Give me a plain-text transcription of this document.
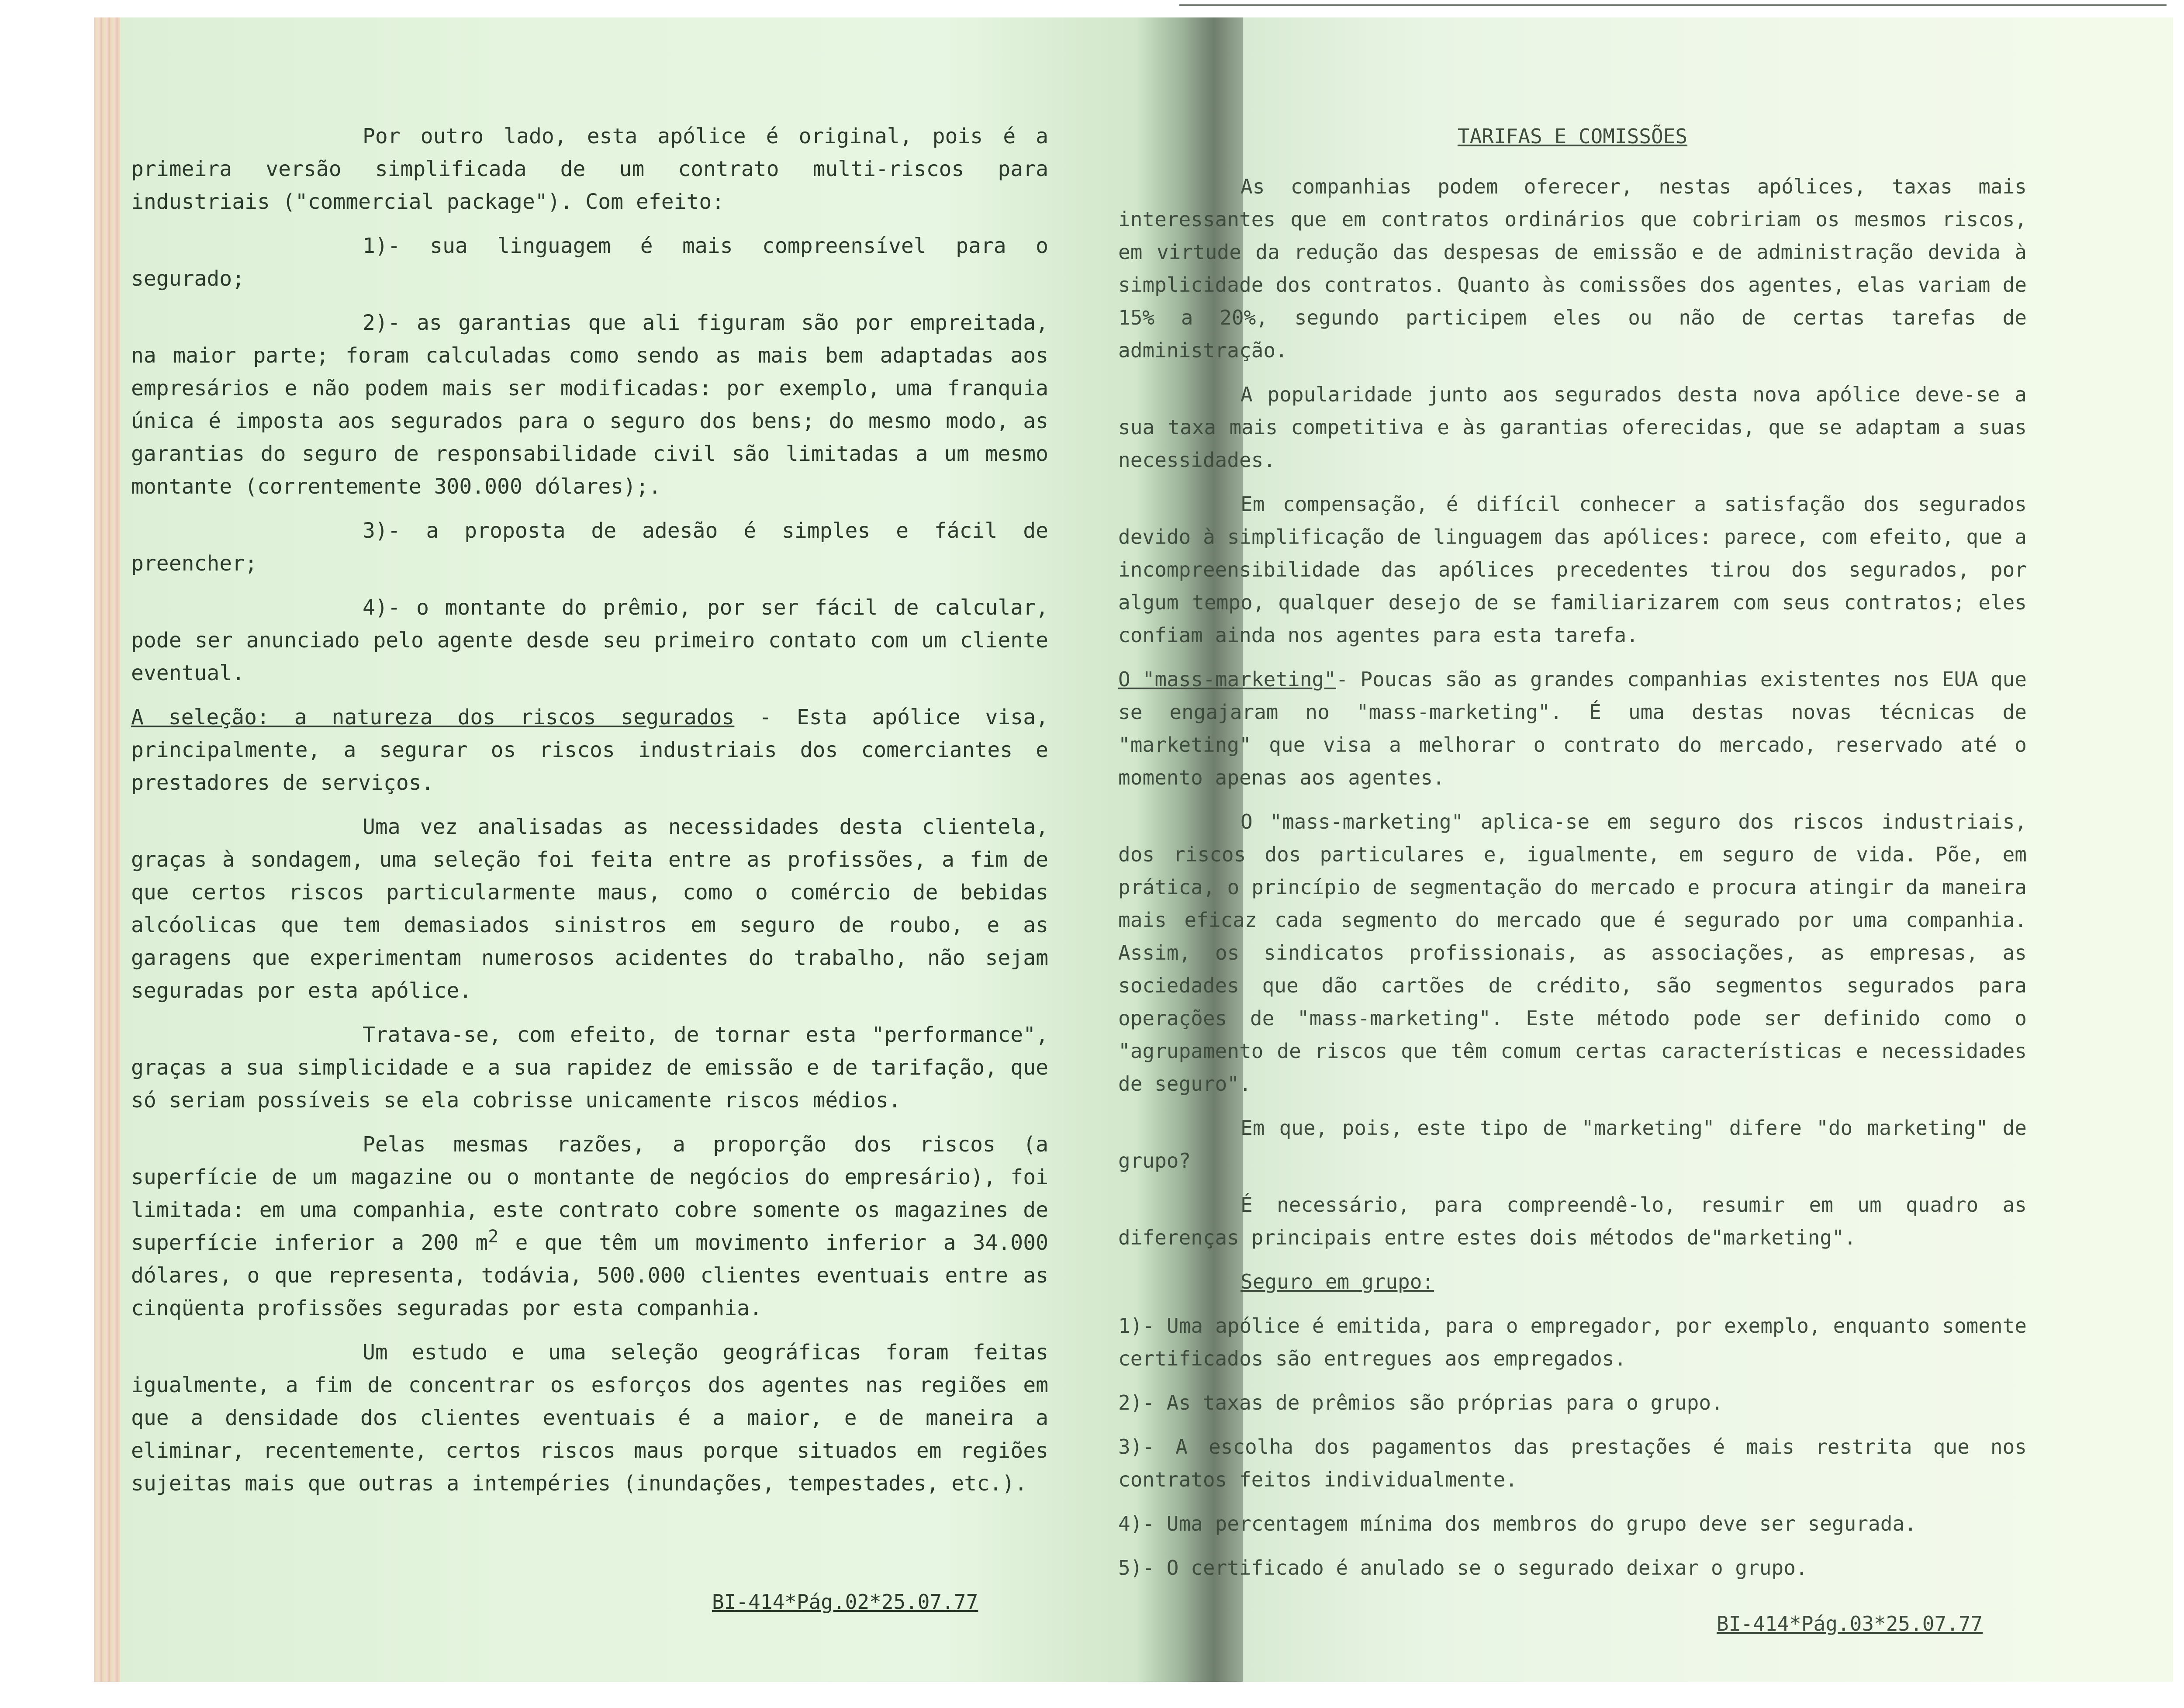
Por outro lado, esta apólice é original, pois é a primeira versão simplificada de um contrato multi-riscos para industriais ("commercial package"). Com efeito:

1)- sua linguagem é mais compreensível para o segurado;

2)- as garantias que ali figuram são por empreitada, na maior parte; foram calculadas como sendo as mais bem adaptadas aos empresários e não podem mais ser modificadas: por exemplo, uma franquia única é imposta aos segurados para o seguro dos bens; do mesmo modo, as garantias do seguro de responsabilidade civil são limitadas a um mesmo montante (correntemente 300.000 dólares);.

3)- a proposta de adesão é simples e fácil de preencher;

4)- o montante do prêmio, por ser fácil de calcular, pode ser anunciado pelo agente desde seu primeiro contato com um cliente eventual.

A seleção: a natureza dos riscos segurados - Esta apólice visa, principalmente, a segurar os riscos industriais dos comerciantes e prestadores de serviços.

Uma vez analisadas as necessidades desta clientela, graças à sondagem, uma seleção foi feita entre as profissões, a fim de que certos riscos particularmente maus, como o comércio de bebidas alcóolicas que tem demasiados sinistros em seguro de roubo, e as garagens que experimentam numerosos acidentes do trabalho, não sejam seguradas por esta apólice.

Tratava-se, com efeito, de tornar esta "performance", graças a sua simplicidade e a sua rapidez de emissão e de tarifação, que só seriam possíveis se ela cobrisse unicamente riscos médios.

Pelas mesmas razões, a proporção dos riscos (a superfície de um magazine ou o montante de negócios do empresário), foi limitada: em uma companhia, este contrato cobre somente os magazines de superfície inferior a 200 $m^2$ e que têm um movimento inferior a 34.000 dólares, o que representa, todávia, 500.000 clientes eventuais entre as cinqüenta profissões seguradas por esta companhia.

Um estudo e uma seleção geográficas foram feitas igualmente, a fim de concentrar os esforços dos agentes nas regiões em que a densidade dos clientes eventuais é a maior, e de maneira a eliminar, recentemente, certos riscos maus porque situados em regiões sujeitas mais que outras a intempéries (inundações, tempestades, etc.).

BI-414*Pág.02*25.07.77

TARIFAS E COMISSÕES

As companhias podem oferecer, nestas apólices, taxas mais interessantes que em contratos ordinários que cobririam os mesmos riscos, em virtude da redução das despesas de emissão e de administração devida à simplicidade dos contratos. Quanto às comissões dos agentes, elas variam de 15% a 20%, segundo participem eles ou não de certas tarefas de administração.

A popularidade junto aos segurados desta nova apólice deve-se a sua taxa mais competitiva e às garantias oferecidas, que se adaptam a suas necessidades.

Em compensação, é difícil conhecer a satisfação dos segurados devido à simplificação de linguagem das apólices: parece, com efeito, que a incompreensibilidade das apólices precedentes tirou dos segurados, por algum tempo, qualquer desejo de se familiarizarem com seus contratos; eles confiam ainda nos agentes para esta tarefa.

O "mass-marketing"- Poucas são as grandes companhias existentes nos EUA que se engajaram no "mass-marketing". É uma destas novas técnicas de "marketing" que visa a melhorar o contrato do mercado, reservado até o momento apenas aos agentes.

O "mass-marketing" aplica-se em seguro dos riscos industriais, dos riscos dos particulares e, igualmente, em seguro de vida. Põe, em prática, o princípio de segmentação do mercado e procura atingir da maneira mais eficaz cada segmento do mercado que é segurado por uma companhia. Assim, os sindicatos profissionais, as associações, as empresas, as sociedades que dão cartões de crédito, são segmentos segurados para operações de "mass-marketing". Este método pode ser definido como o "agrupamento de riscos que têm comum certas características e necessidades de seguro".

Em que, pois, este tipo de "marketing" difere "do marketing" de grupo?

É necessário, para compreendê-lo, resumir em um quadro as diferenças principais entre estes dois métodos de"marketing".

Seguro em grupo:

1)- Uma apólice é emitida, para o empregador, por exemplo, enquanto somente certificados são entregues aos empregados.

2)- As taxas de prêmios são próprias para o grupo.

3)- A escolha dos pagamentos das prestações é mais restrita que nos contratos feitos individualmente.

4)- Uma percentagem mínima dos membros do grupo deve ser segurada.

5)- O certificado é anulado se o segurado deixar o grupo.

BI-414*Pág.03*25.07.77
